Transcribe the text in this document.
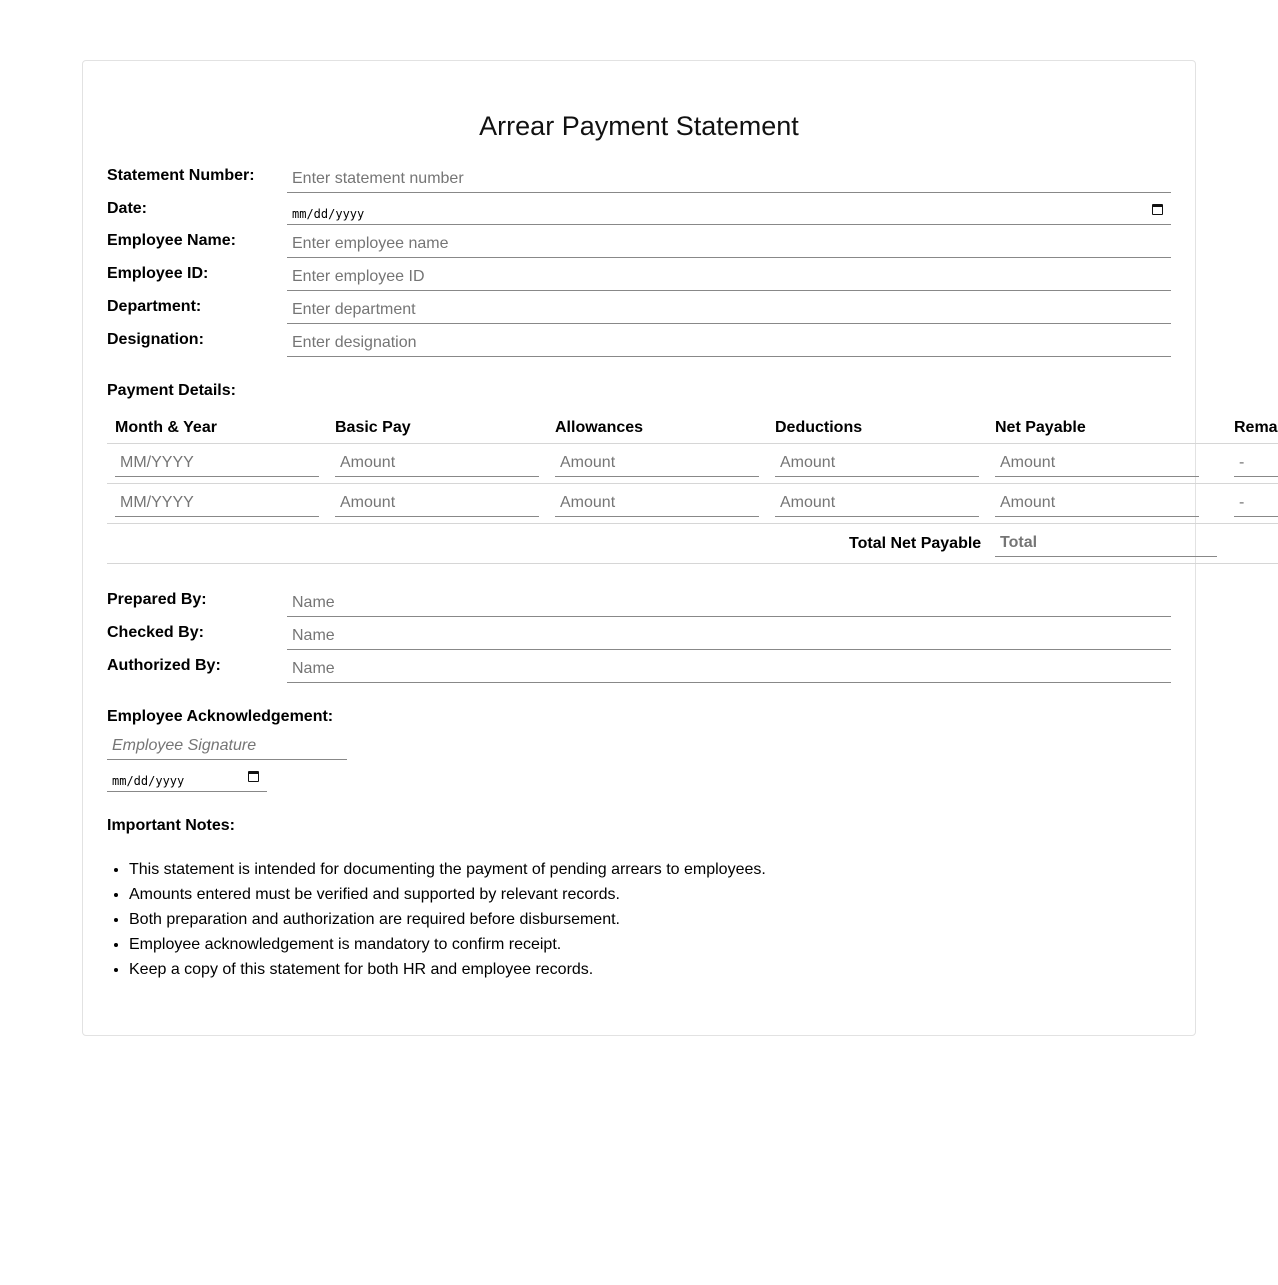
Arrear Payment Statement
Statement Number: Enter statement number
Date:	mm/dd/yyyy
Employee Name:	Enter employee name
Employee ID:	Enter employee ID
Department:	Enter department
Designation:	Enter designation
Payment Details:
Month & Year	Basic Pay	Allowances	Deductions	Net Payable	Rema
MM/YYYY	Amount	Amount	Amount	Amount	-
MM/YYYY	Amount	Amount	Amount	Amount	-
Total Net Payable Total
Prepared By:	Name
Checked By:	Name
Authorized By:	Name
Employee Acknowledgement:
Employee Signature
mm/dd/yyyy
Important Notes:
• This statement is intended for documenting the payment of pending arrears to employees.
• Amounts entered must be verified and supported by relevant records.
• Both preparation and authorization are required before disbursement.
• Employee acknowledgement is mandatory to confirm receipt.
• Keep a copy of this statement for both HR and employee records.
